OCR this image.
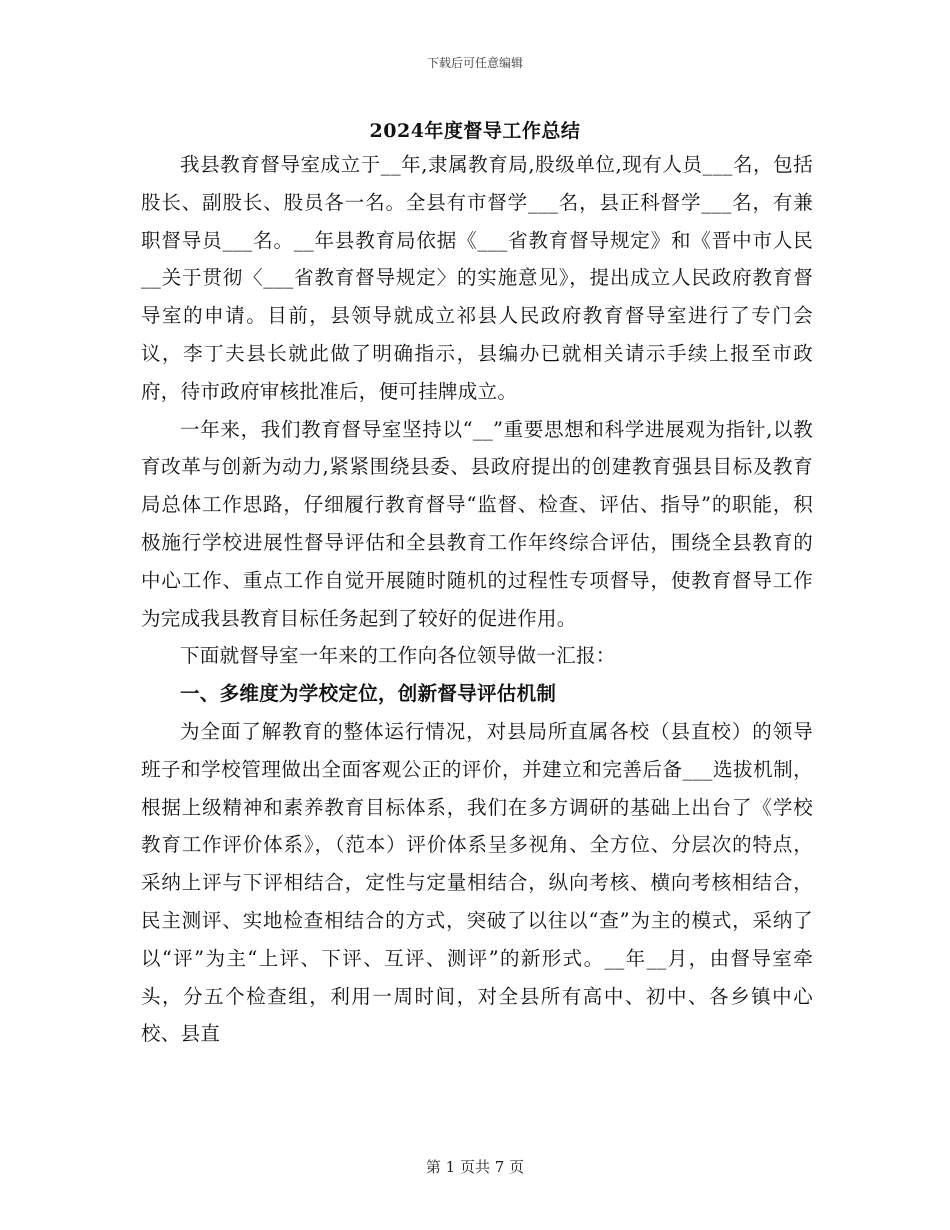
下载后可任意编辑
2024年度督导工作总结

我县教育督导室成立于__年,隶属教育局,股级单位,现有人员___名，包括股长、副股长、股员各一名。全县有市督学___名，县正科督学___名，有兼职督导员___名。__年县教育局依据《___省教育督导规定》和《晋中市人民__关于贯彻〈___省教育督导规定〉的实施意见》，提出成立人民政府教育督导室的申请。目前，县领导就成立祁县人民政府教育督导室进行了专门会议，李丁夫县长就此做了明确指示，县编办已就相关请示手续上报至市政府，待市政府审核批准后，便可挂牌成立。

一年来，我们教育督导室坚持以“__”重要思想和科学进展观为指针,以教育改革与创新为动力,紧紧围绕县委、县政府提出的创建教育强县目标及教育局总体工作思路，仔细履行教育督导“监督、检查、评估、指导”的职能，积极施行学校进展性督导评估和全县教育工作年终综合评估，围绕全县教育的中心工作、重点工作自觉开展随时随机的过程性专项督导，使教育督导工作为完成我县教育目标任务起到了较好的促进作用。

下面就督导室一年来的工作向各位领导做一汇报：

一、多维度为学校定位，创新督导评估机制

为全面了解教育的整体运行情况，对县局所直属各校（县直校）的领导班子和学校管理做出全面客观公正的评价，并建立和完善后备___选拔机制，根据上级精神和素养教育目标体系，我们在多方调研的基础上出台了《学校教育工作评价体系》，（范本）评价体系呈多视角、全方位、分层次的特点，采纳上评与下评相结合，定性与定量相结合，纵向考核、横向考核相结合，民主测评、实地检查相结合的方式，突破了以往以“查”为主的模式，采纳了以“评”为主“上评、下评、互评、测评”的新形式。__年__月，由督导室牵头，分五个检查组，利用一周时间，对全县所有高中、初中、各乡镇中心校、县直

第 1 页共 7 页
